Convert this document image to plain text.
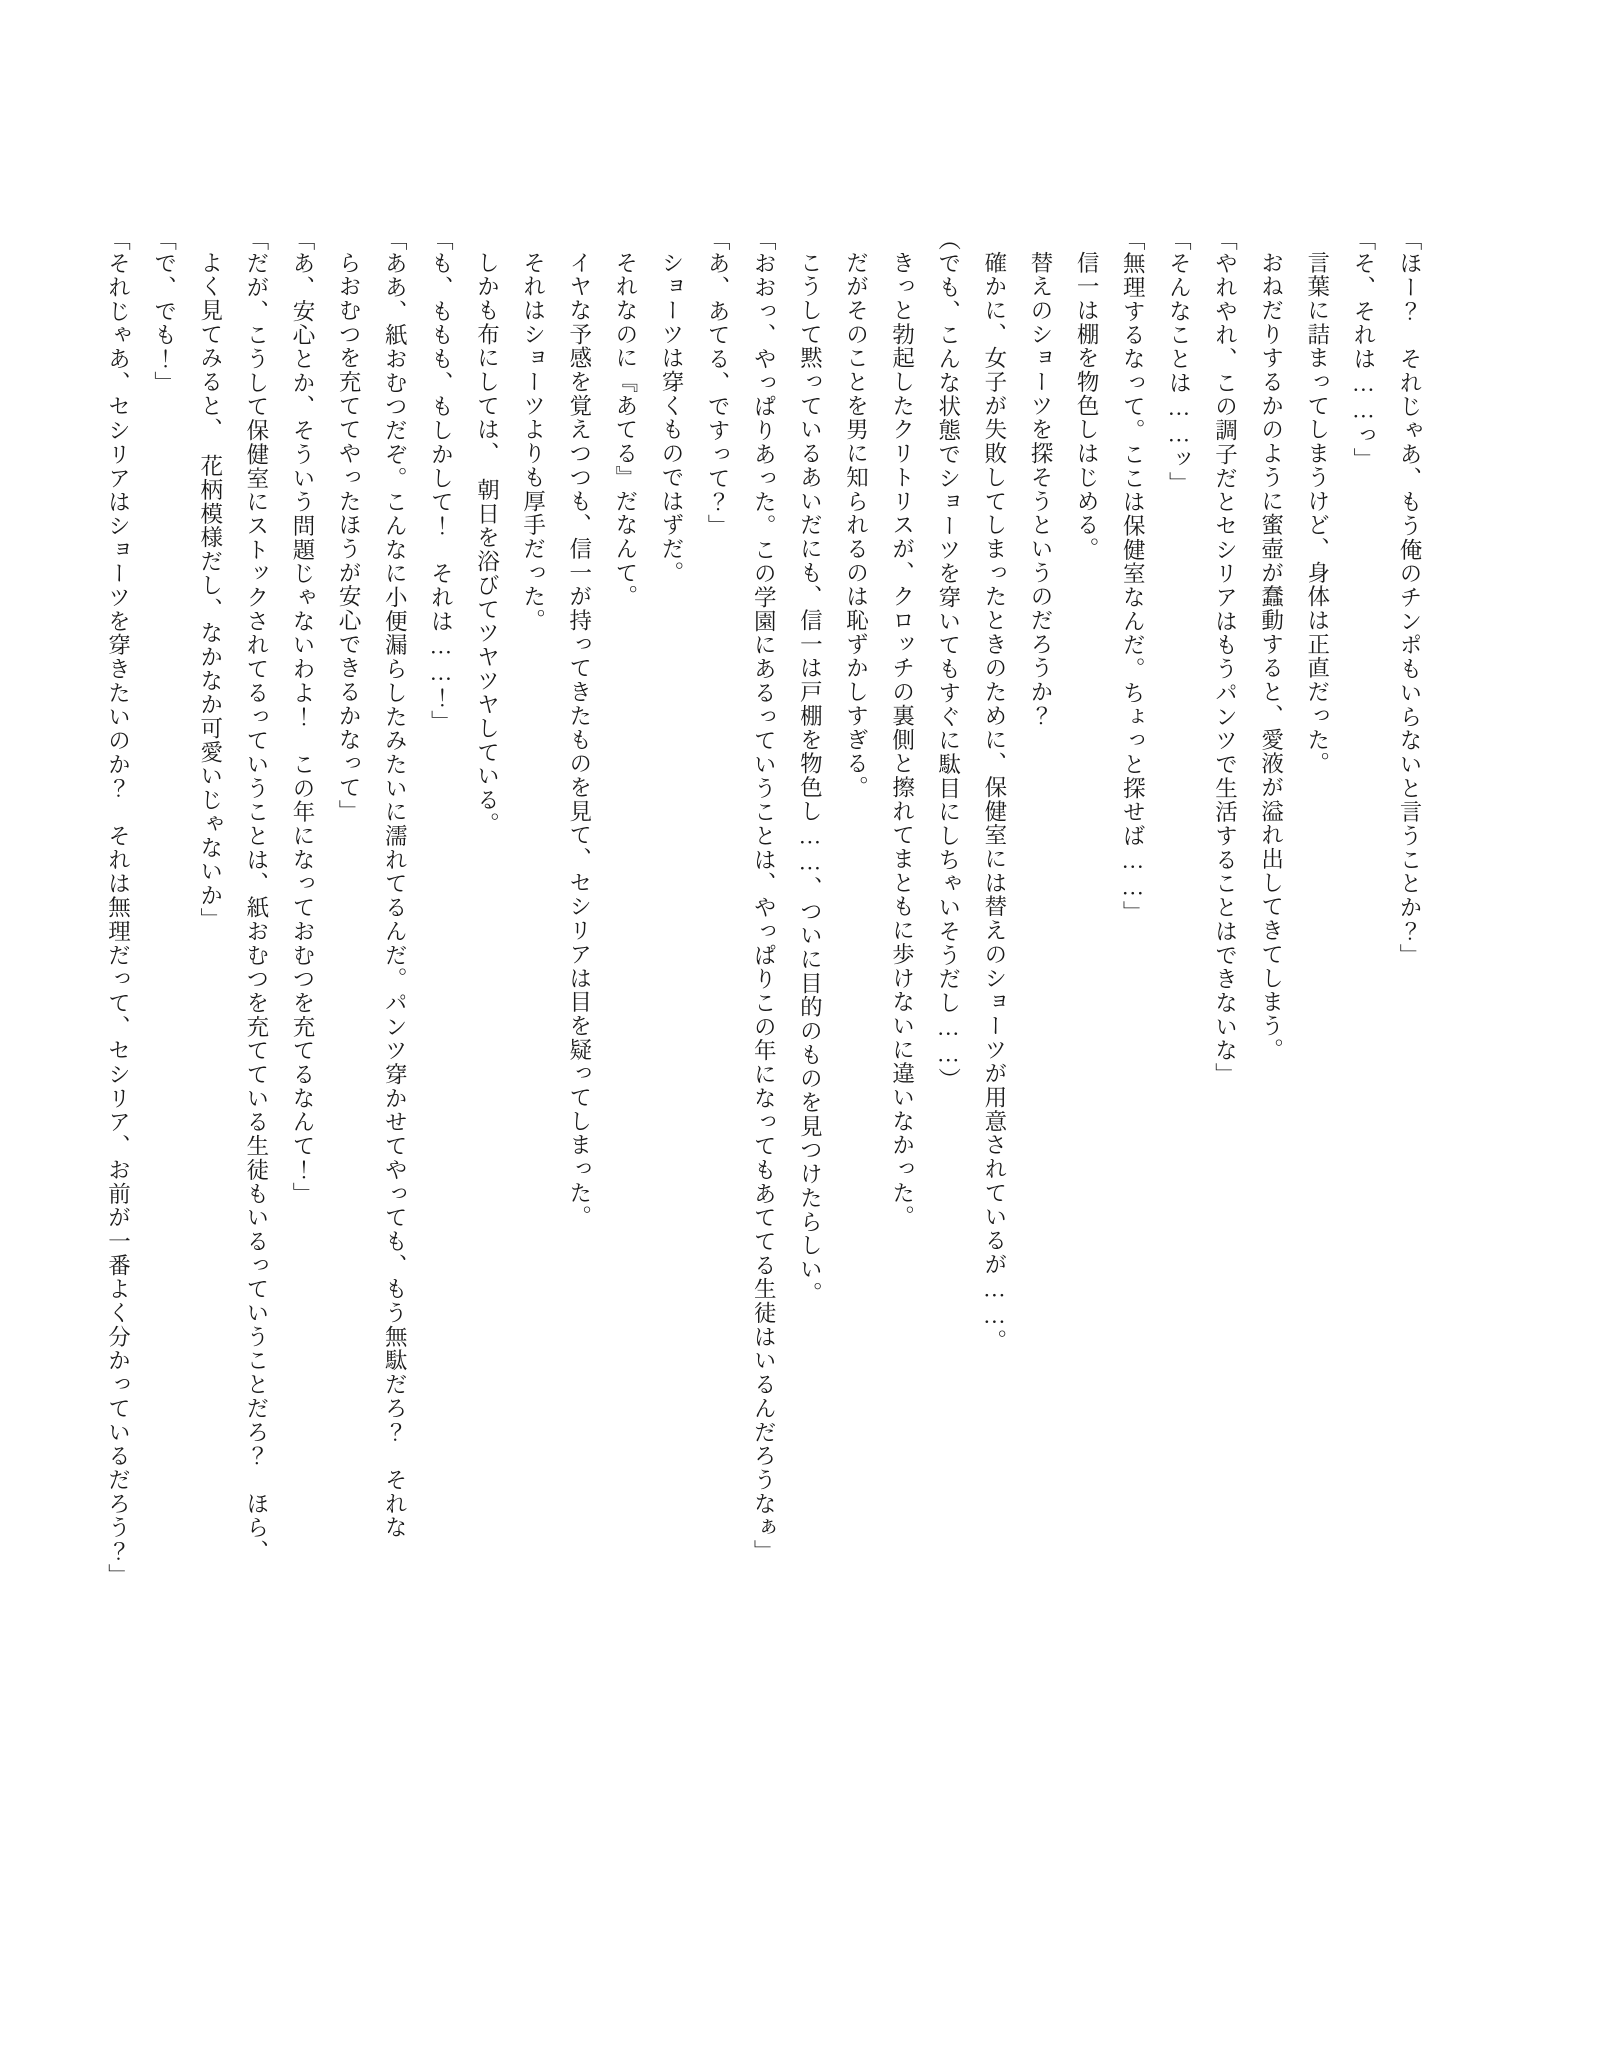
「ほー？　それじゃあ、もう俺のチンポもいらないと言うことか？」

「そ、それは……っ」

言葉に詰まってしまうけど、身体は正直だった。

おねだりするかのように蜜壺が蠢動すると、愛液が溢れ出してきてしまう。

「やれやれ、この調子だとセシリアはもうパンツで生活することはできないな」

「そんなことは……ッ」

「無理するなって。ここは保健室なんだ。ちょっと探せば……」

信一は棚を物色しはじめる。

替えのショーツを探そうというのだろうか？

確かに、女子が失敗してしまったときのために、保健室には替えのショーツが用意されているが……。

（でも、こんな状態でショーツを穿いてもすぐに駄目にしちゃいそうだし……）

きっと勃起したクリトリスが、クロッチの裏側と擦れてまともに歩けないに違いなかった。

だがそのことを男に知られるのは恥ずかしすぎる。

こうして黙っているあいだにも、信一は戸棚を物色し……、ついに目的のものを見つけたらしい。

「おおっ、やっぱりあった。この学園にあるっていうことは、やっぱりこの年になってもあててる生徒はいるんだろうなぁ」

「あ、あてる、ですって？」

ショーツは穿くものではずだ。

それなのに『あてる』だなんて。

イヤな予感を覚えつつも、信一が持ってきたものを見て、セシリアは目を疑ってしまった。

それはショーツよりも厚手だった。

しかも布にしては、　朝日を浴びてツヤツヤしている。

「も、ももも、もしかして！　それは……！」

「ああ、紙おむつだぞ。こんなに小便漏らしたみたいに濡れてるんだ。パンツ穿かせてやっても、もう無駄だろ？　それな

らおむつを充ててやったほうが安心できるかなって」

「あ、安心とか、そういう問題じゃないわよ！　この年になっておむつを充てるなんて！」

「だが、こうして保健室にストックされてるっていうことは、紙おむつを充てている生徒もいるっていうことだろ？　ほら、

よく見てみると、　花柄模様だし、なかなか可愛いじゃないか」

「で、でも！」

「それじゃあ、セシリアはショーツを穿きたいのか？　それは無理だって、セシリア、お前が一番よく分かっているだろう？」
